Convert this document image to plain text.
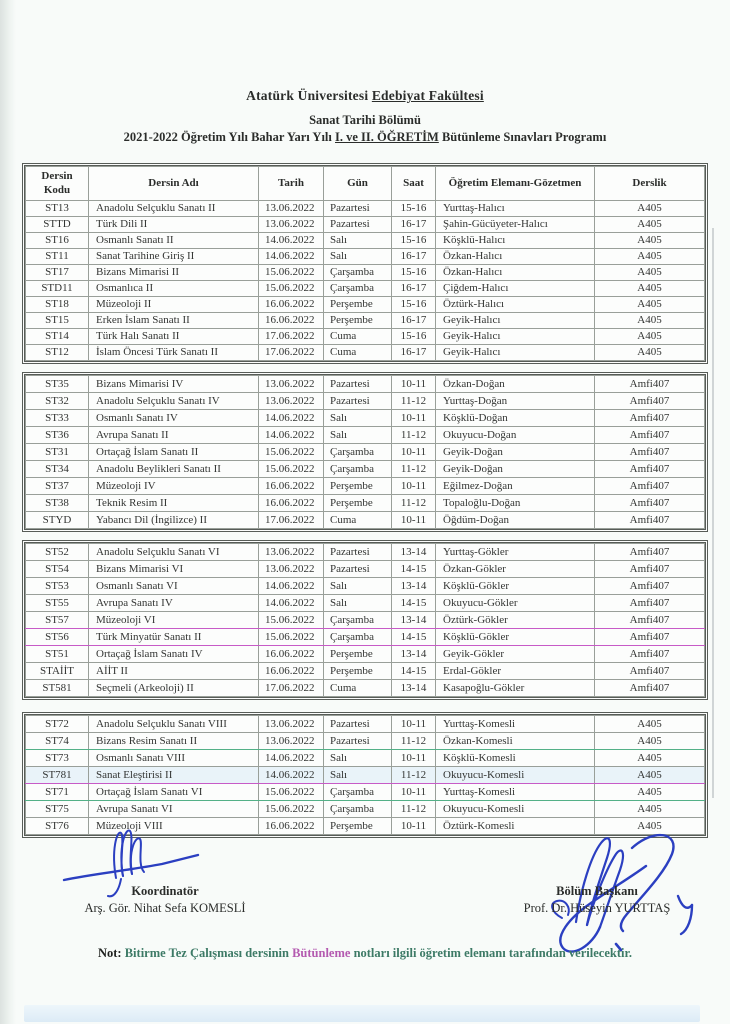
Atatürk Üniversitesi Edebiyat Fakültesi
Sanat Tarihi Bölümü
2021-2022 Öğretim Yılı Bahar Yarı Yılı I. ve II. ÖĞRETİM Bütünleme Sınavları Programı
Dersin Kodu	Dersin Adı	Tarih	Gün	Saat	Öğretim Elemanı-Gözetmen	Derslik
ST13	Anadolu Selçuklu Sanatı II	13.06.2022	Pazartesi	15-16	Yurttaş-Halıcı	A405
STTD	Türk Dili II	13.06.2022	Pazartesi	16-17	Şahin-Gücüyeter-Halıcı	A405
ST16	Osmanlı Sanatı II	14.06.2022	Salı	15-16	Köşklü-Halıcı	A405
ST11	Sanat Tarihine Giriş II	14.06.2022	Salı	16-17	Özkan-Halıcı	A405
ST17	Bizans Mimarisi II	15.06.2022	Çarşamba	15-16	Özkan-Halıcı	A405
STD11	Osmanlıca II	15.06.2022	Çarşamba	16-17	Çiğdem-Halıcı	A405
ST18	Müzeoloji II	16.06.2022	Perşembe	15-16	Öztürk-Halıcı	A405
ST15	Erken İslam Sanatı II	16.06.2022	Perşembe	16-17	Geyik-Halıcı	A405
ST14	Türk Halı Sanatı II	17.06.2022	Cuma	15-16	Geyik-Halıcı	A405
ST12	İslam Öncesi Türk Sanatı II	17.06.2022	Cuma	16-17	Geyik-Halıcı	A405
ST35	Bizans Mimarisi IV	13.06.2022	Pazartesi	10-11	Özkan-Doğan	Amfi407
ST32	Anadolu Selçuklu Sanatı IV	13.06.2022	Pazartesi	11-12	Yurttaş-Doğan	Amfi407
ST33	Osmanlı Sanatı IV	14.06.2022	Salı	10-11	Köşklü-Doğan	Amfi407
ST36	Avrupa Sanatı II	14.06.2022	Salı	11-12	Okuyucu-Doğan	Amfi407
ST31	Ortaçağ İslam Sanatı II	15.06.2022	Çarşamba	10-11	Geyik-Doğan	Amfi407
ST34	Anadolu Beylikleri Sanatı II	15.06.2022	Çarşamba	11-12	Geyik-Doğan	Amfi407
ST37	Müzeoloji IV	16.06.2022	Perşembe	10-11	Eğilmez-Doğan	Amfi407
ST38	Teknik Resim II	16.06.2022	Perşembe	11-12	Topaloğlu-Doğan	Amfi407
STYD	Yabancı Dil (İngilizce) II	17.06.2022	Cuma	10-11	Öğdüm-Doğan	Amfi407
ST52	Anadolu Selçuklu Sanatı VI	13.06.2022	Pazartesi	13-14	Yurttaş-Gökler	Amfi407
ST54	Bizans Mimarisi VI	13.06.2022	Pazartesi	14-15	Özkan-Gökler	Amfi407
ST53	Osmanlı Sanatı VI	14.06.2022	Salı	13-14	Köşklü-Gökler	Amfi407
ST55	Avrupa Sanatı IV	14.06.2022	Salı	14-15	Okuyucu-Gökler	Amfi407
ST57	Müzeoloji VI	15.06.2022	Çarşamba	13-14	Öztürk-Gökler	Amfi407
ST56	Türk Minyatür Sanatı II	15.06.2022	Çarşamba	14-15	Köşklü-Gökler	Amfi407
ST51	Ortaçağ İslam Sanatı IV	16.06.2022	Perşembe	13-14	Geyik-Gökler	Amfi407
STAİİT	AİİT II	16.06.2022	Perşembe	14-15	Erdal-Gökler	Amfi407
ST581	Seçmeli (Arkeoloji) II	17.06.2022	Cuma	13-14	Kasapoğlu-Gökler	Amfi407
ST72	Anadolu Selçuklu Sanatı VIII	13.06.2022	Pazartesi	10-11	Yurttaş-Komesli	A405
ST74	Bizans Resim Sanatı II	13.06.2022	Pazartesi	11-12	Özkan-Komesli	A405
ST73	Osmanlı Sanatı VIII	14.06.2022	Salı	10-11	Köşklü-Komesli	A405
ST781	Sanat Eleştirisi II	14.06.2022	Salı	11-12	Okuyucu-Komesli	A405
ST71	Ortaçağ İslam Sanatı VI	15.06.2022	Çarşamba	10-11	Yurttaş-Komesli	A405
ST75	Avrupa Sanatı VI	15.06.2022	Çarşamba	11-12	Okuyucu-Komesli	A405
ST76	Müzeoloji VIII	16.06.2022	Perşembe	10-11	Öztürk-Komesli	A405
Koordinatör
Arş. Gör. Nihat Sefa KOMESLİ
Bölüm Başkanı
Prof. Dr. Hüseyin YURTTAŞ
Not: Bitirme Tez Çalışması dersinin Bütünleme notları ilgili öğretim elemanı tarafından verilecektir.
